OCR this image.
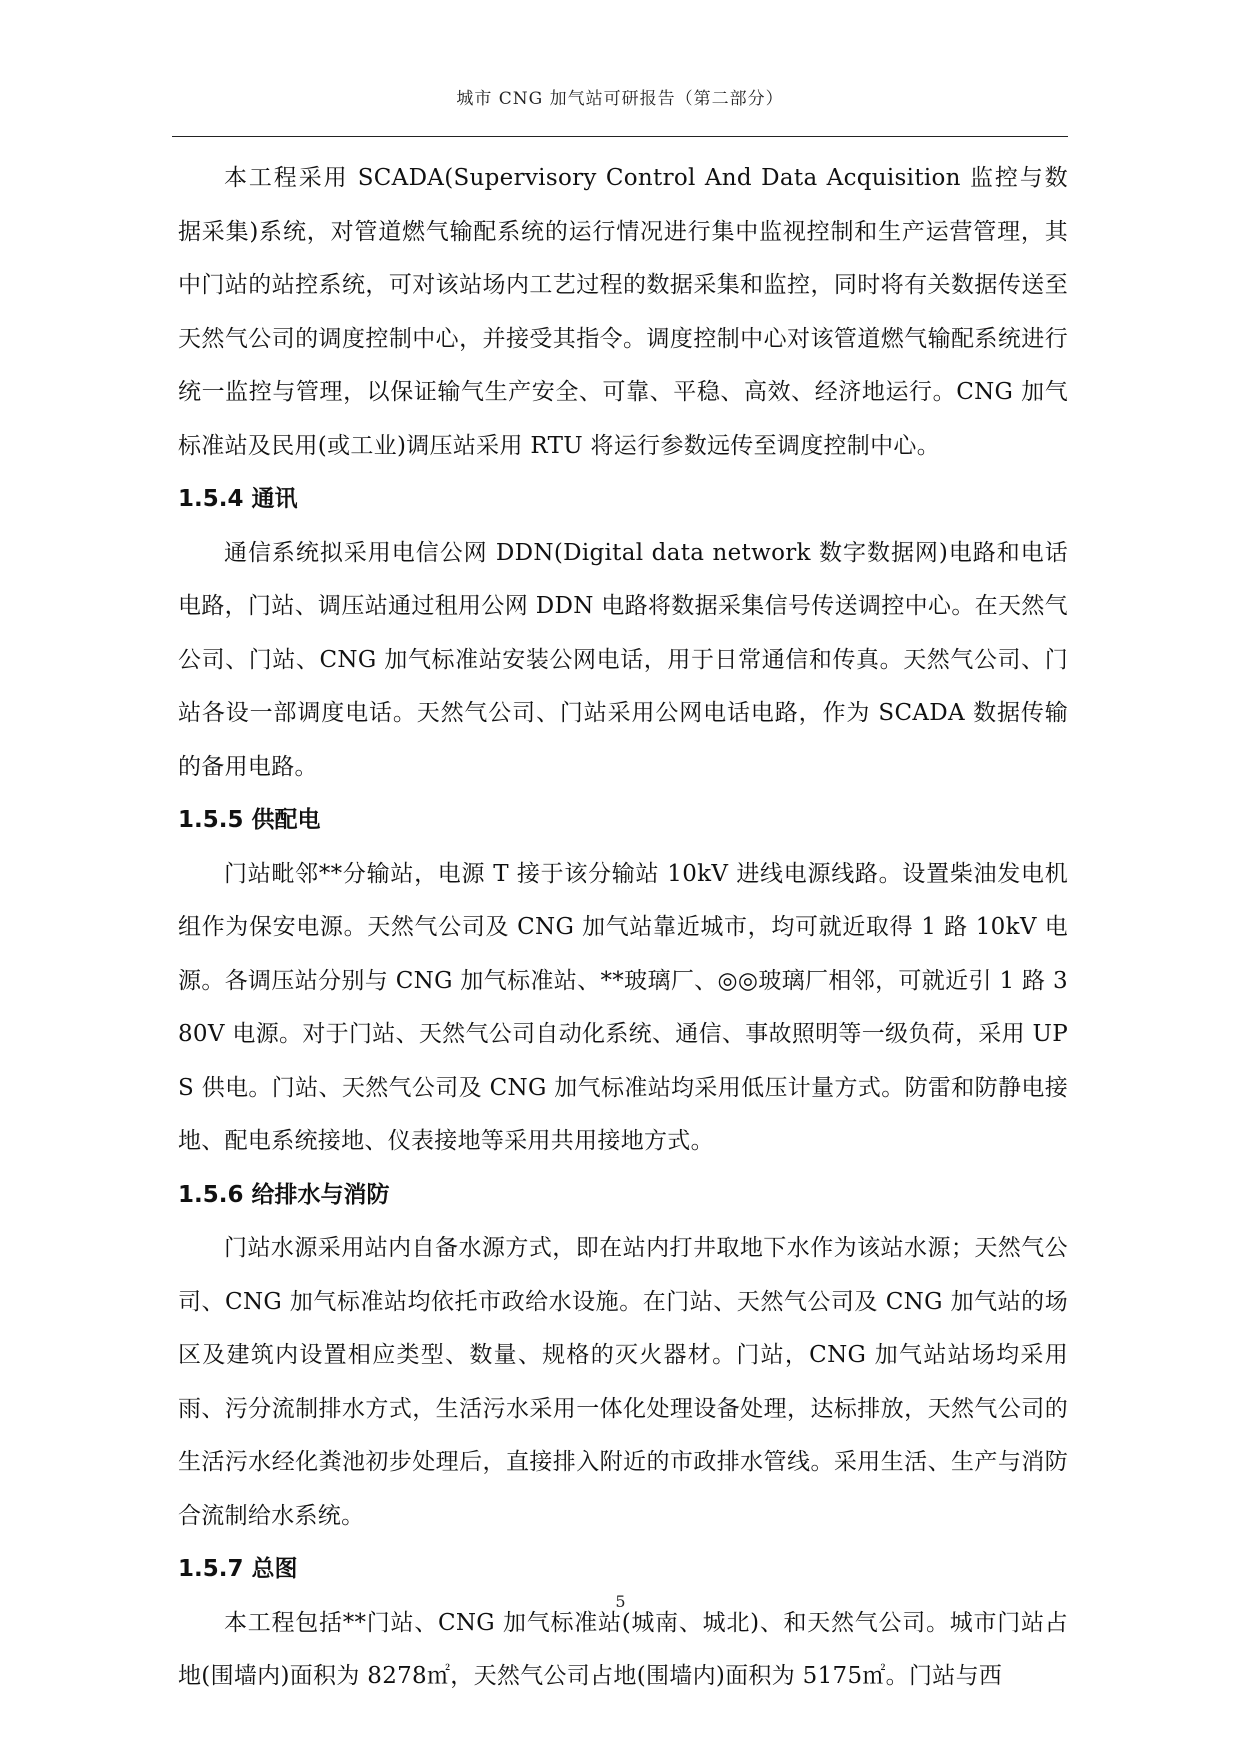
城市 CNG 加气站可研报告（第二部分）

本工程采用 SCADA(Supervisory Control And Data Acquisition 监控与数据采集)系统，对管道燃气输配系统的运行情况进行集中监视控制和生产运营管理，其中门站的站控系统，可对该站场内工艺过程的数据采集和监控，同时将有关数据传送至天然气公司的调度控制中心，并接受其指令。调度控制中心对该管道燃气输配系统进行统一监控与管理，以保证输气生产安全、可靠、平稳、高效、经济地运行。CNG 加气标准站及民用(或工业)调压站采用 RTU 将运行参数远传至调度控制中心。

1.5.4 通讯

通信系统拟采用电信公网 DDN(Digital data network 数字数据网)电路和电话电路，门站、调压站通过租用公网 DDN 电路将数据采集信号传送调控中心。在天然气公司、门站、CNG 加气标准站安装公网电话，用于日常通信和传真。天然气公司、门站各设一部调度电话。天然气公司、门站采用公网电话电路，作为 SCADA 数据传输的备用电路。

1.5.5 供配电

门站毗邻**分输站，电源 T 接于该分输站 10kV 进线电源线路。设置柴油发电机组作为保安电源。天然气公司及 CNG 加气站靠近城市，均可就近取得 1 路 10kV 电源。各调压站分别与 CNG 加气标准站、**玻璃厂、◎◎玻璃厂相邻，可就近引 1 路 380V 电源。对于门站、天然气公司自动化系统、通信、事故照明等一级负荷，采用 UPS 供电。门站、天然气公司及 CNG 加气标准站均采用低压计量方式。防雷和防静电接地、配电系统接地、仪表接地等采用共用接地方式。

1.5.6 给排水与消防

门站水源采用站内自备水源方式，即在站内打井取地下水作为该站水源；天然气公司、CNG 加气标准站均依托市政给水设施。在门站、天然气公司及 CNG 加气站的场区及建筑内设置相应类型、数量、规格的灭火器材。门站，CNG 加气站站场均采用雨、污分流制排水方式，生活污水采用一体化处理设备处理，达标排放，天然气公司的生活污水经化粪池初步处理后，直接排入附近的市政排水管线。采用生活、生产与消防合流制给水系统。

1.5.7 总图

本工程包括**门站、CNG 加气标准站(城南、城北)、和天然气公司。城市门站占地(围墙内)面积为 8278㎡，天然气公司占地(围墙内)面积为 5175㎡。门站与西

5
